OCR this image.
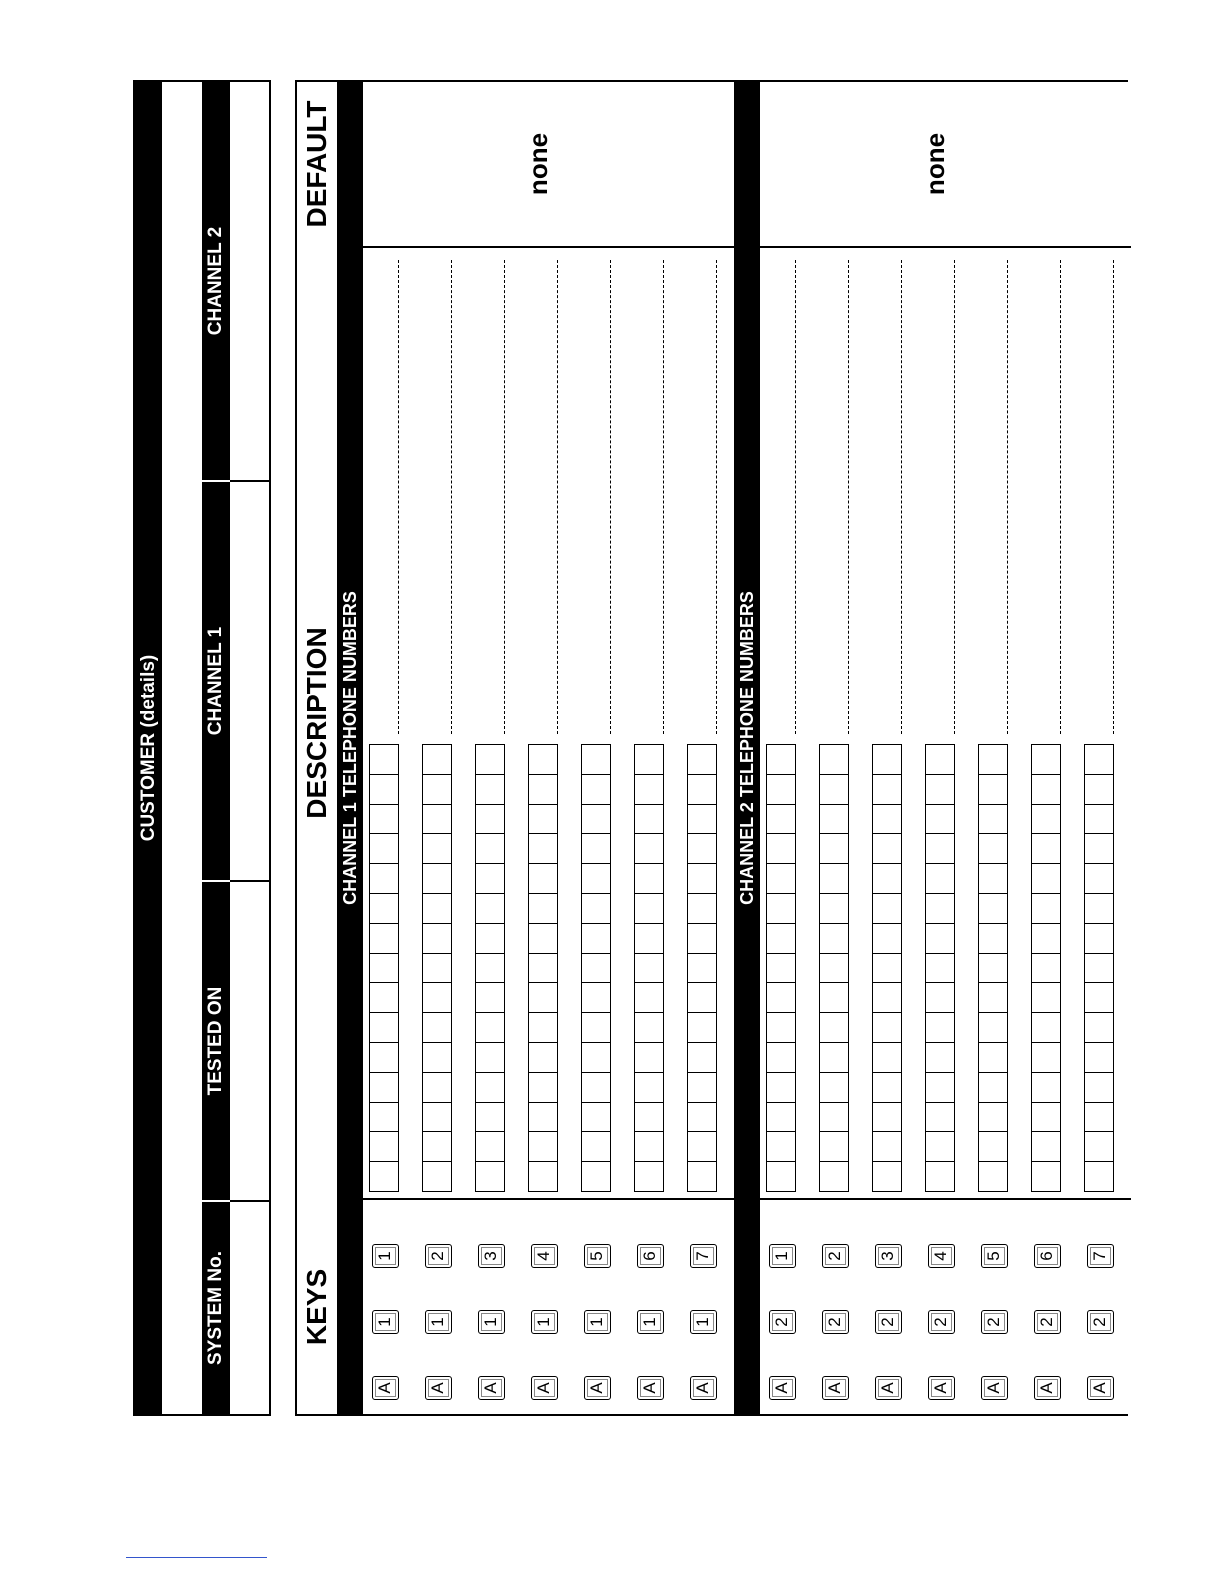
CUSTOMER (details)
SYSTEM No.
TESTED ON
CHANNEL 1
CHANNEL 2
KEYS
DESCRIPTION
DEFAULT
CHANNEL 1 TELEPHONE NUMBERS
none
A
1
1
A
1
2
A
1
3
A
1
4
A
1
5
A
1
6
A
1
7
CHANNEL 2 TELEPHONE NUMBERS
none
A
2
1
A
2
2
A
2
3
A
2
4
A
2
5
A
2
6
A
2
7
